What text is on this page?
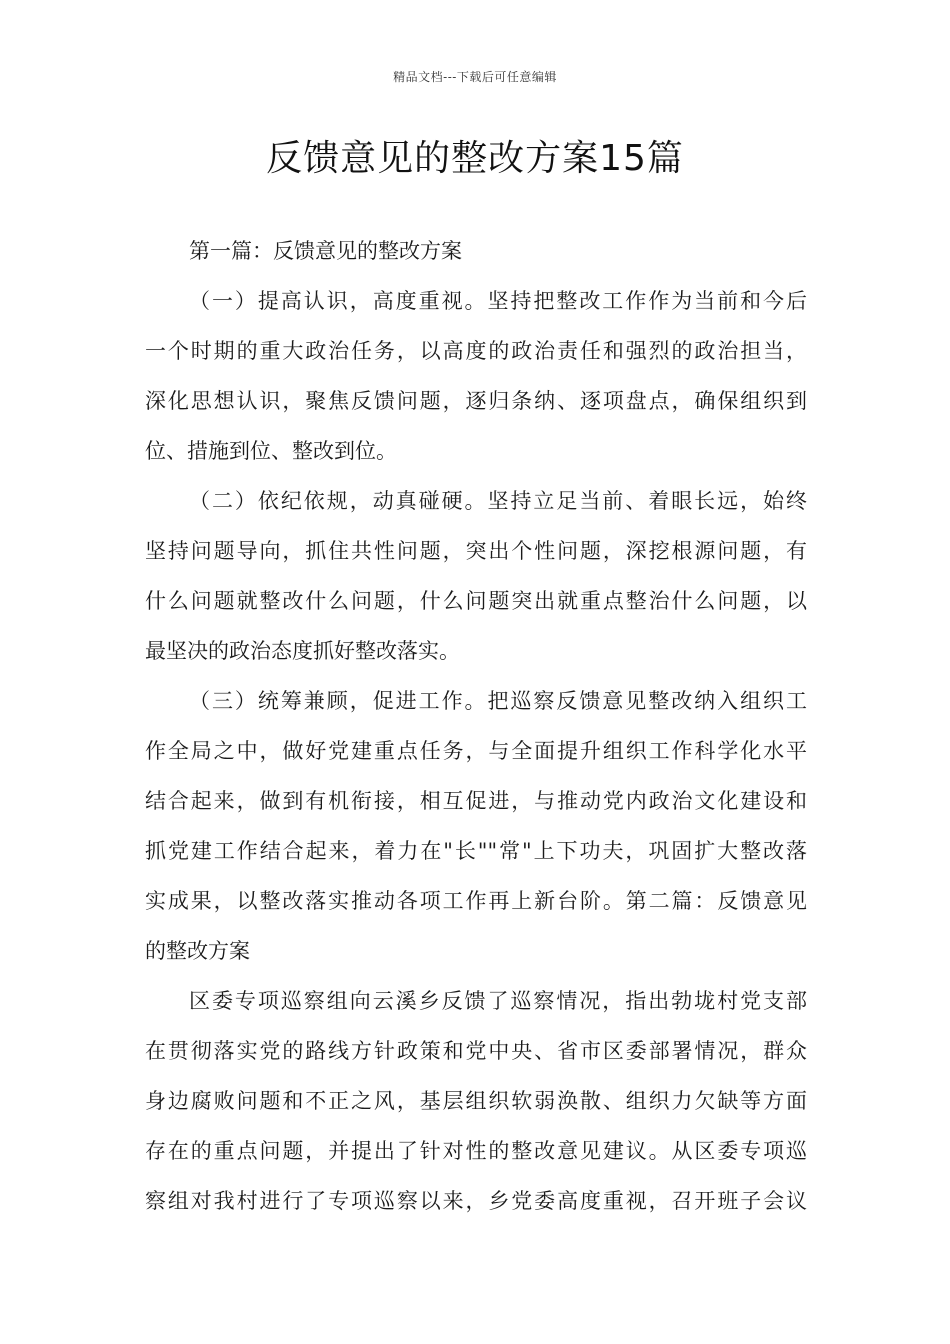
精品文档---下载后可任意编辑
反馈意见的整改方案15篇
第一篇：反馈意见的整改方案
（一）提高认识，高度重视。坚持把整改工作作为当前和今后
一个时期的重大政治任务，以高度的政治责任和强烈的政治担当，
深化思想认识，聚焦反馈问题，逐归条纳、逐项盘点，确保组织到
位、措施到位、整改到位。
（二）依纪依规，动真碰硬。坚持立足当前、着眼长远，始终
坚持问题导向，抓住共性问题，突出个性问题，深挖根源问题，有
什么问题就整改什么问题，什么问题突出就重点整治什么问题，以
最坚决的政治态度抓好整改落实。
（三）统筹兼顾，促进工作。把巡察反馈意见整改纳入组织工
作全局之中，做好党建重点任务，与全面提升组织工作科学化水平
结合起来，做到有机衔接，相互促进，与推动党内政治文化建设和
抓党建工作结合起来，着力在"长""常"上下功夫，巩固扩大整改落
实成果，以整改落实推动各项工作再上新台阶。第二篇：反馈意见
的整改方案
区委专项巡察组向云溪乡反馈了巡察情况，指出勃垅村党支部
在贯彻落实党的路线方针政策和党中央、省市区委部署情况，群众
身边腐败问题和不正之风，基层组织软弱涣散、组织力欠缺等方面
存在的重点问题，并提出了针对性的整改意见建议。从区委专项巡
察组对我村进行了专项巡察以来，乡党委高度重视，召开班子会议
